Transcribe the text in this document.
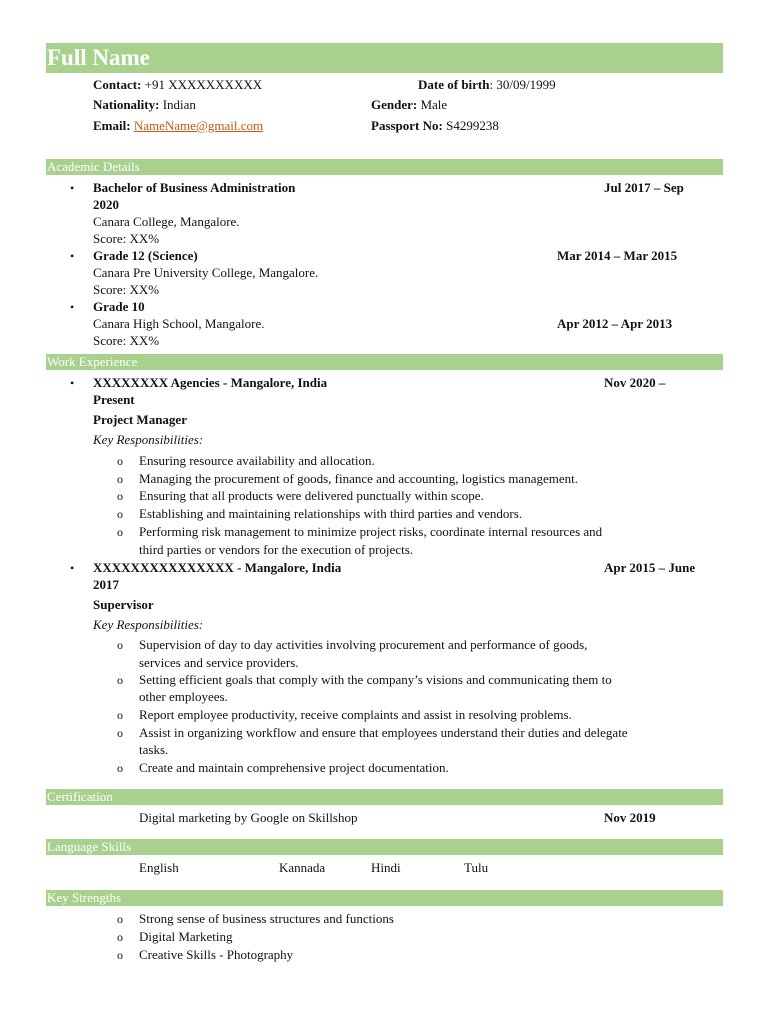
Full Name
Contact: +91 XXXXXXXXXX	Date of birth: 30/09/1999
Nationality: Indian	Gender: Male
Email: NameName@gmail.com	Passport No: S4299238
Academic Details
• Bachelor of Business Administration	Jul 2017 – Sep
2020
Canara College, Mangalore.
Score: XX%
• Grade 12 (Science)	Mar 2014 – Mar 2015
Canara Pre University College, Mangalore.
Score: XX%
• Grade 10
Canara High School, Mangalore.	Apr 2012 – Apr 2013
Score: XX%
Work Experience
• XXXXXXXX Agencies - Mangalore, India	Nov 2020 –
Present
Project Manager
Key Responsibilities:
o Ensuring resource availability and allocation.
o Managing the procurement of goods, finance and accounting, logistics management.
o Ensuring that all products were delivered punctually within scope.
o Establishing and maintaining relationships with third parties and vendors.
o Performing risk management to minimize project risks, coordinate internal resources and
third parties or vendors for the execution of projects.
• XXXXXXXXXXXXXXX - Mangalore, India	Apr 2015 – June
2017
Supervisor
Key Responsibilities:
o Supervision of day to day activities involving procurement and performance of goods,
services and service providers.
o Setting efficient goals that comply with the company’s visions and communicating them to
other employees.
o Report employee productivity, receive complaints and assist in resolving problems.
o Assist in organizing workflow and ensure that employees understand their duties and delegate
tasks.
o Create and maintain comprehensive project documentation.
Certification
Digital marketing by Google on Skillshop	Nov 2019
Language Skills
English	Kannada	Hindi	Tulu
Key Strengths
o Strong sense of business structures and functions
o Digital Marketing
o Creative Skills - Photography
